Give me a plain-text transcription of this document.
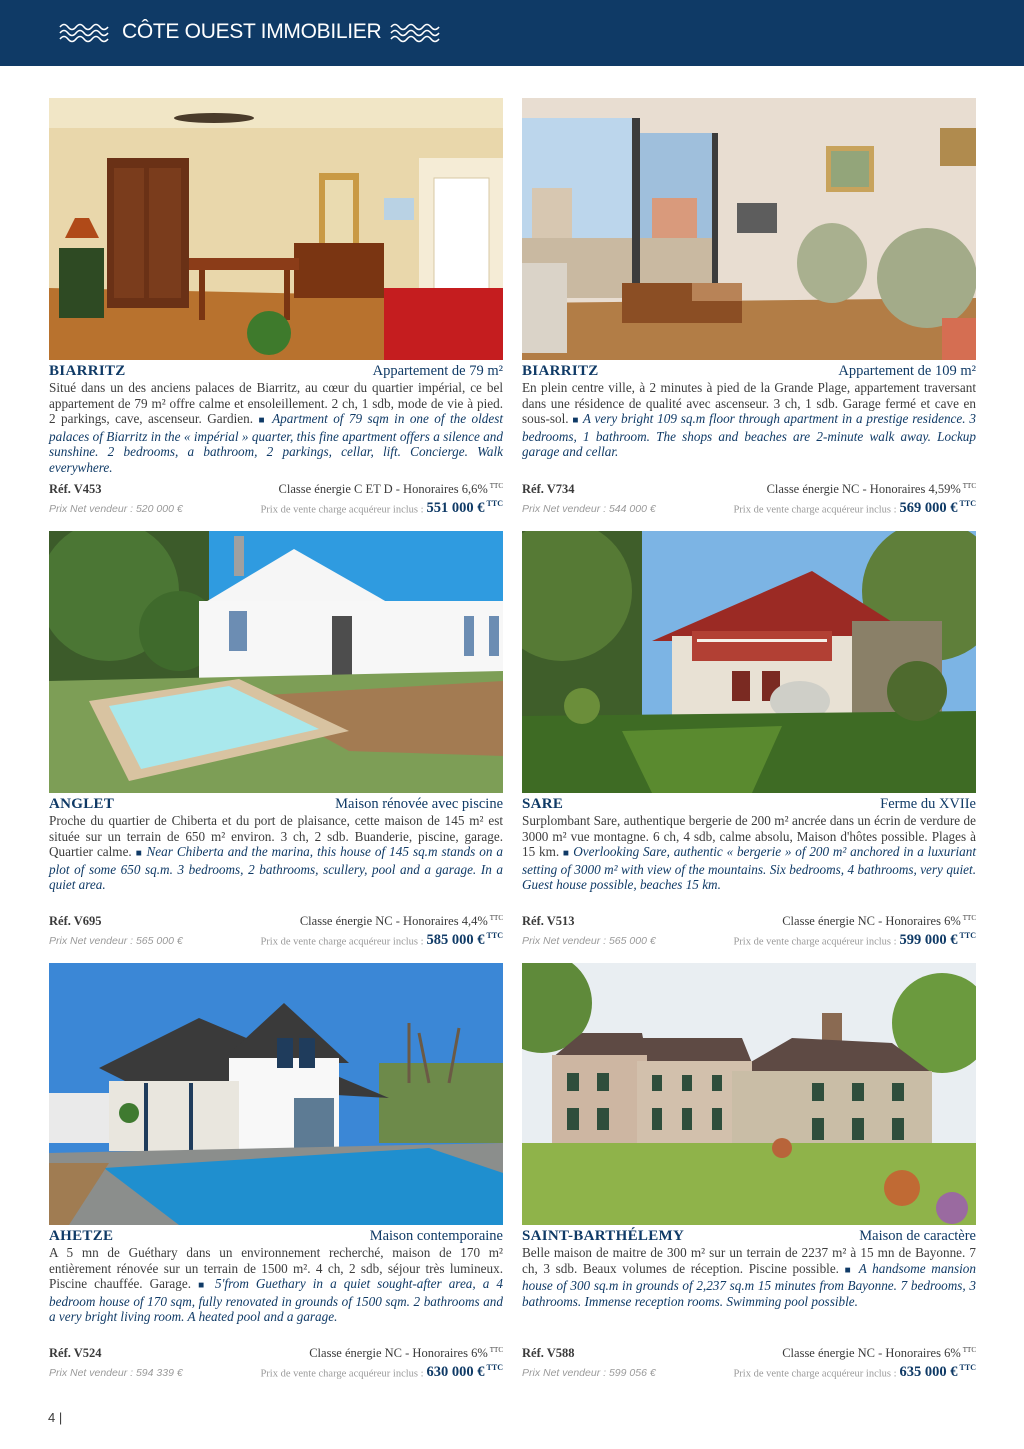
CÔTE OUEST IMMOBILIER
BIARRITZ	Appartement de 79 m²

Situé dans un des anciens palaces de Biarritz, au cœur du quartier impérial, ce bel appartement de 79 m² offre calme et ensoleillement. 2 ch, 1 sdb, mode de vie à pied. 2 parkings, cave, ascenseur. Gardien. ■ Apartment of 79 sqm in one of the oldest palaces of Biarritz in the « impérial » quarter, this fine apartment offers a silence and sunshine. 2 bedrooms, a bathroom, 2 parkings, cellar, lift. Concierge. Walk everywhere.

Réf. V453	Classe énergie C ET D - Honoraires 6,6% $^{TTC}$
Prix Net vendeur : 520 000 €	Prix de vente charge acquéreur inclus : 551 000 € $^{TTC}$
BIARRITZ	Appartement de 109 m²

En plein centre ville, à 2 minutes à pied de la Grande Plage, appartement traversant dans une résidence de qualité avec ascenseur. 3 ch, 1 sdb. Garage fermé et cave en sous-sol. ■ A very bright 109 sq.m floor through apartment in a prestige residence. 3 bedrooms, 1 bathroom. The shops and beaches are 2-minute walk away. Lockup garage and cellar.

Réf. V734	Classe énergie NC - Honoraires 4,59% $^{TTC}$
Prix Net vendeur : 544 000 €	Prix de vente charge acquéreur inclus : 569 000 € $^{TTC}$
ANGLET	Maison rénovée avec piscine

Proche du quartier de Chiberta et du port de plaisance, cette maison de 145 m² est située sur un terrain de 650 m² environ. 3 ch, 2 sdb. Buanderie, piscine, garage. Quartier calme. ■ Near Chiberta and the marina, this house of 145 sq.m stands on a plot of some 650 sq.m. 3 bedrooms, 2 bathrooms, scullery, pool and a garage. In a quiet area.

Réf. V695	Classe énergie NC - Honoraires 4,4% $^{TTC}$
Prix Net vendeur : 565 000 €	Prix de vente charge acquéreur inclus : 585 000 € $^{TTC}$
SARE	Ferme du XVIIe

Surplombant Sare, authentique bergerie de 200 m² ancrée dans un écrin de verdure de 3000 m² vue montagne. 6 ch, 4 sdb, calme absolu, Maison d'hôtes possible. Plages à 15 km. ■ Overlooking Sare, authentic « bergerie » of 200 m² anchored in a luxuriant setting of 3000 m² with view of the mountains. Six bedrooms, 4 bathrooms, very quiet. Guest house possible, beaches 15 km.

Réf. V513	Classe énergie NC - Honoraires 6% $^{TTC}$
Prix Net vendeur : 565 000 €	Prix de vente charge acquéreur inclus : 599 000 € $^{TTC}$
AHETZE	Maison contemporaine

A 5 mn de Guéthary dans un environnement recherché, maison de 170 m² entièrement rénovée sur un terrain de 1500 m². 4 ch, 2 sdb, séjour très lumineux. Piscine chauffée. Garage. ■ 5'from Guethary in a quiet sought-after area, a 4 bedroom house of 170 sqm, fully renovated in grounds of 1500 sqm. 2 bathrooms and a very bright living room. A heated pool and a garage.

Réf. V524	Classe énergie NC - Honoraires 6% $^{TTC}$
Prix Net vendeur : 594 339 €	Prix de vente charge acquéreur inclus : 630 000 € $^{TTC}$
SAINT-BARTHÉLEMY	Maison de caractère

Belle maison de maitre de 300 m² sur un terrain de 2237 m² à 15 mn de Bayonne. 7 ch, 3 sdb. Beaux volumes de réception. Piscine possible. ■ A handsome mansion house of 300 sq.m in grounds of 2,237 sq.m 15 minutes from Bayonne. 7 bedrooms, 3 bathrooms. Immense reception rooms. Swimming pool possible.

Réf. V588	Classe énergie NC - Honoraires 6% $^{TTC}$
Prix Net vendeur : 599 056 €	Prix de vente charge acquéreur inclus : 635 000 € $^{TTC}$
4 |
